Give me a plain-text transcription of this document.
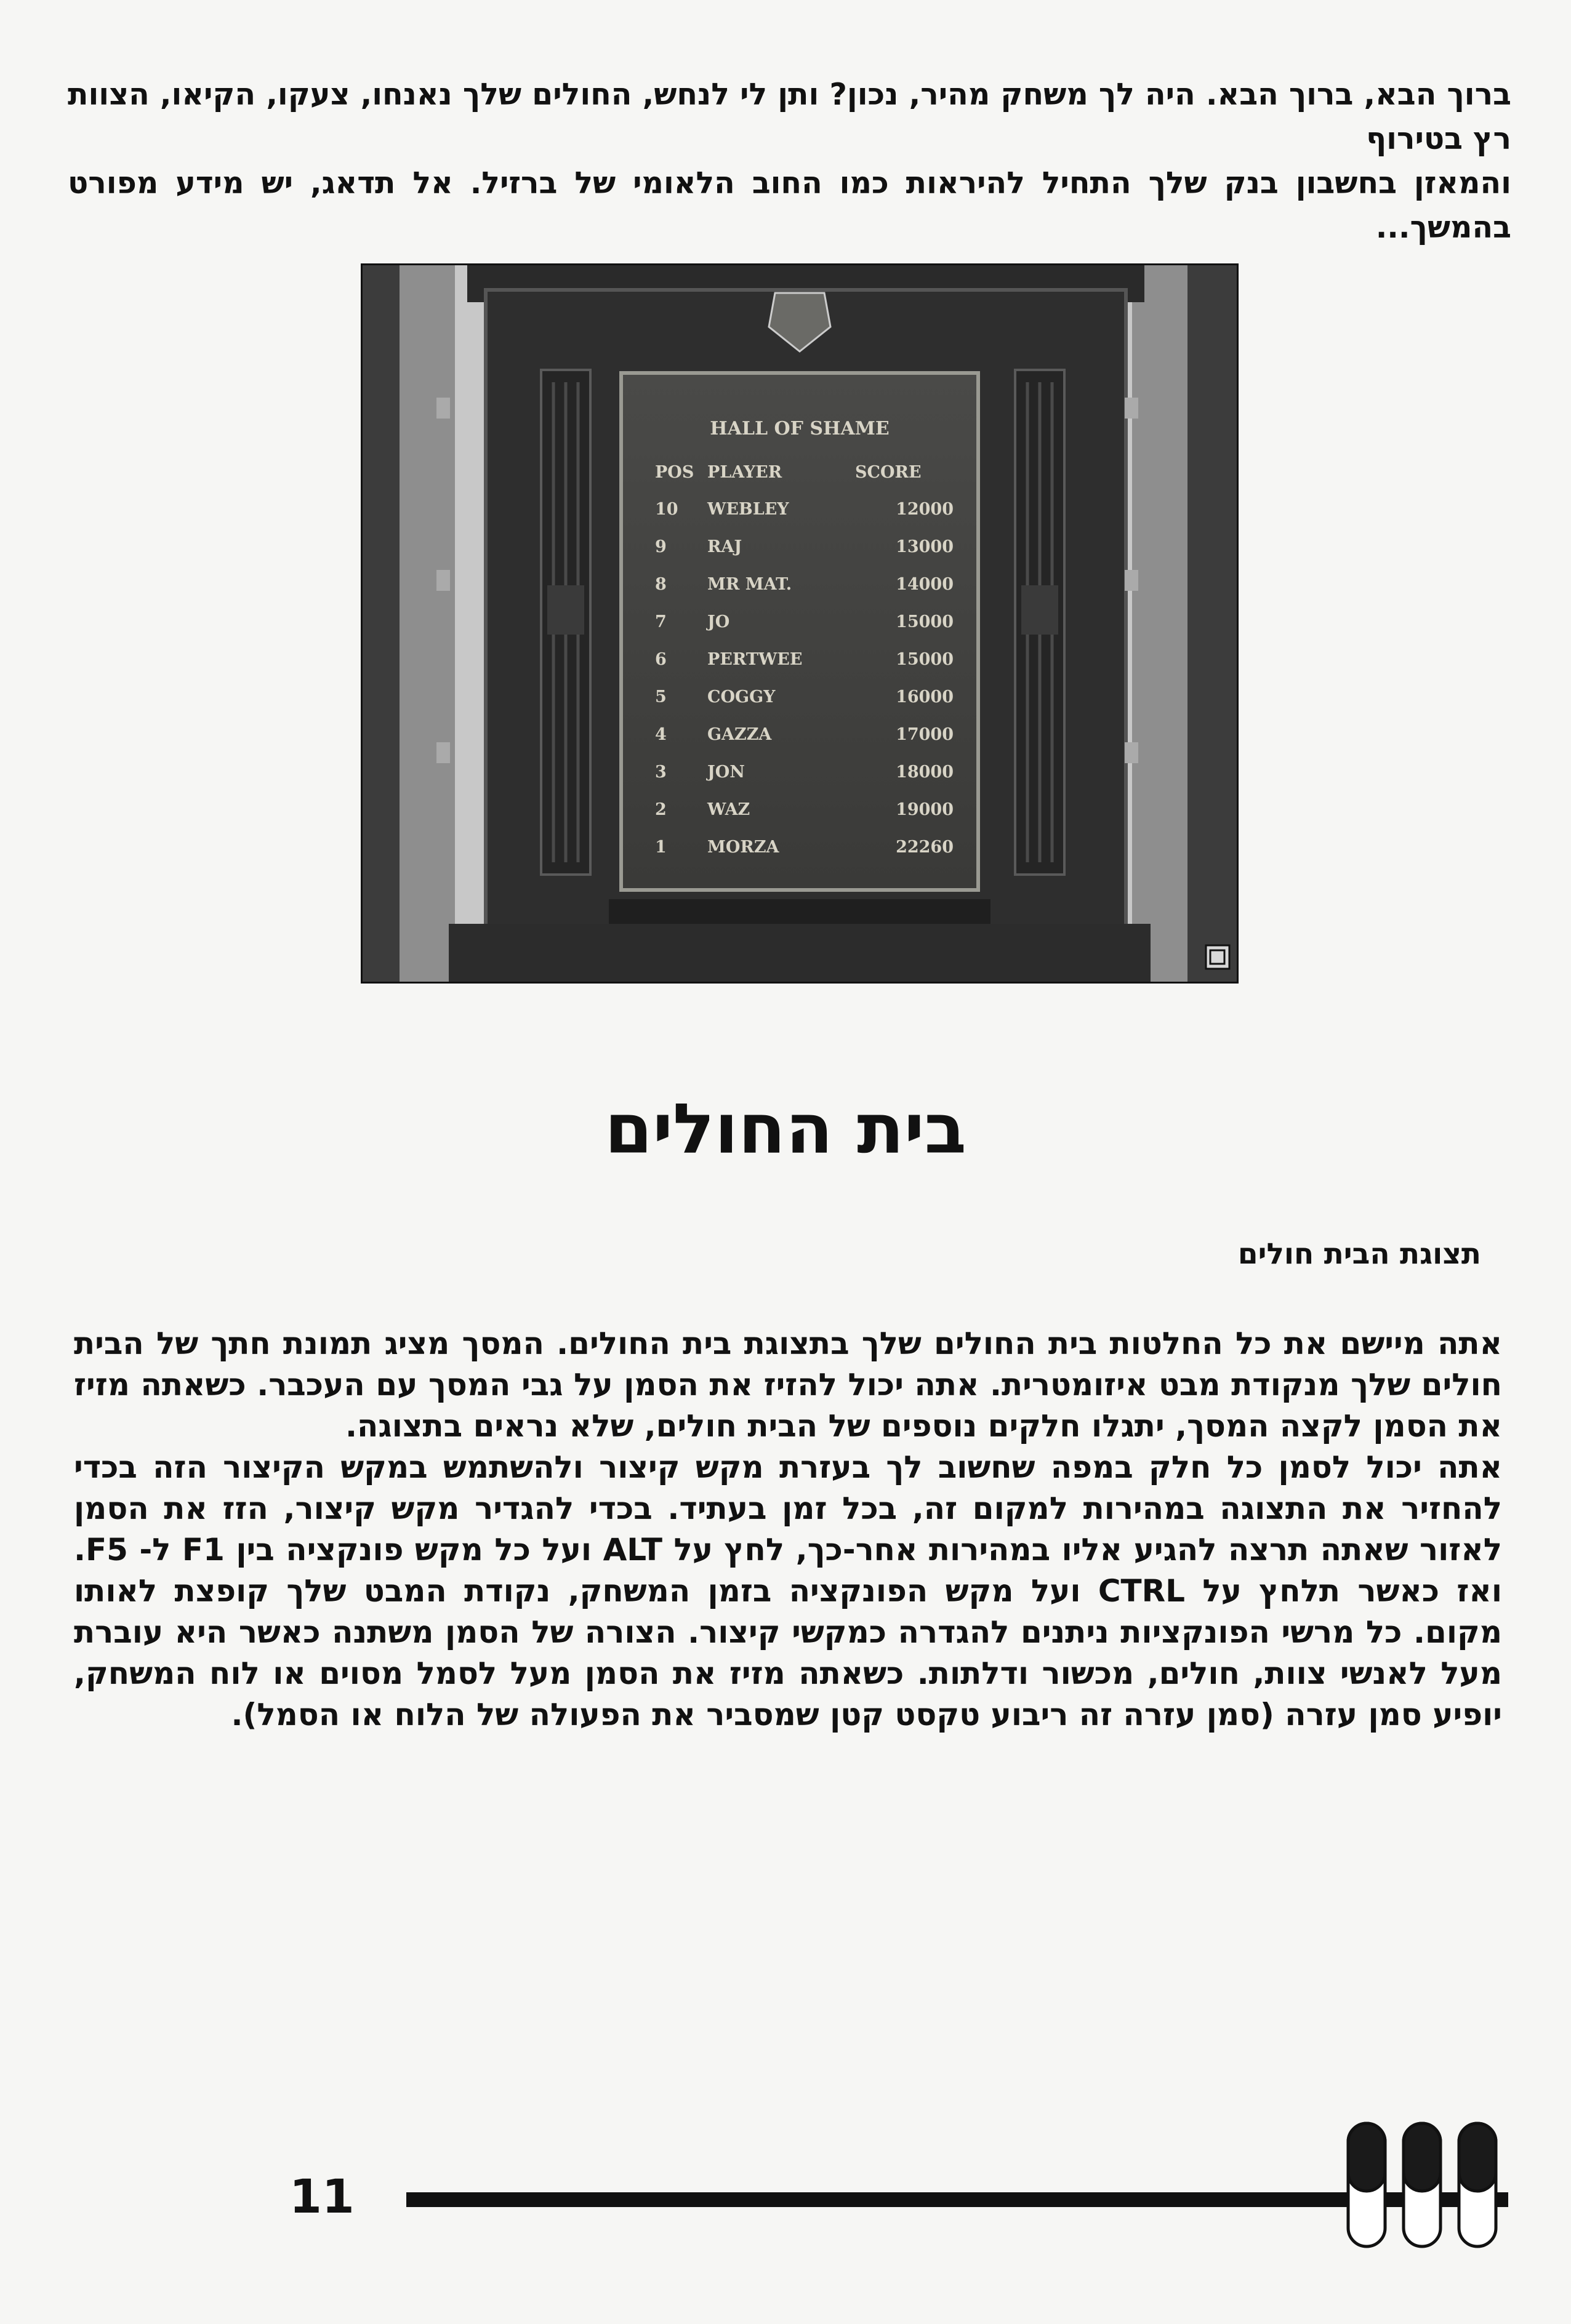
ברוך הבא, ברוך הבא. היה לך משחק מהיר, נכון? ותן לי לנחש, החולים שלך נאנחו, צעקו, הקיאו, הצוות רץ בטירוף
והמאזן בחשבון בנק שלך התחיל להיראות כמו החוב הלאומי של ברזיל. אל תדאג, יש מידע מפורט בהמשך...
HALL OF SHAME
POS PLAYER	SCORE
10 WEBLEY	12000
9 RAJ	13000
8 MR MAT.	14000
7 JO	15000
6 PERTWEE	15000
5 COGGY	16000
4 GAZZA	17000
3 JON	18000
2 WAZ	19000
1 MORZA	22260
בית החולים
תצוגת הבית חולים

אתה מיישם את כל החלטות בית החולים שלך בתצוגת בית החולים. המסך מציג תמונת חתך של הבית חולים שלך מנקודת מבט איזומטרית. אתה יכול להזיז את הסמן על גבי המסך עם העכבר. כשאתה מזיז את הסמן לקצה המסך, יתגלו חלקים נוספים של הבית חולים, שלא נראים בתצוגה.

אתה יכול לסמן כל חלק במפה שחשוב לך בעזרת מקש קיצור ולהשתמש במקש הקיצור הזה בכדי להחזיר את התצוגה במהירות למקום זה, בכל זמן בעתיד. בכדי להגדיר מקש קיצור, הזז את הסמן לאזור שאתה תרצה להגיע אליו במהירות אחר-כך, לחץ על ALT ועל כל מקש פונקציה בין F1 ל- F5. ואז כאשר תלחץ על CTRL ועל מקש הפונקציה בזמן המשחק, נקודת המבט שלך קופצת לאותו מקום. כל מרשי הפונקציות ניתנים להגדרה כמקשי קיצור. הצורה של הסמן משתנה כאשר היא עוברת מעל לאנשי צוות, חולים, מכשור ודלתות. כשאתה מזיז את הסמן מעל לסמל מסוים או לוח המשחק, יופיע סמן עזרה (סמן עזרה זה ריבוע טקסט קטן שמסביר את הפעולה של הלוח או הסמל).

11
